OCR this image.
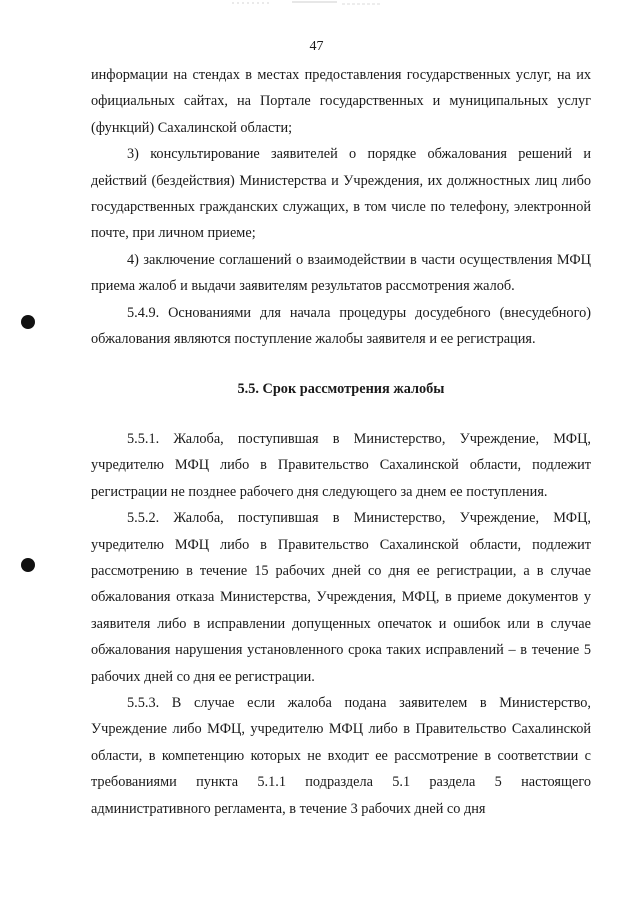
47

информации на стендах в местах предоставления государственных услуг, на их официальных сайтах, на Портале государственных и муниципальных услуг (функций) Сахалинской области;

3) консультирование заявителей о порядке обжалования решений и действий (бездействия) Министерства и Учреждения, их должностных лиц либо государственных гражданских служащих, в том числе по телефону, электронной почте, при личном приеме;

4) заключение соглашений о взаимодействии в части осуществления МФЦ приема жалоб и выдачи заявителям результатов рассмотрения жалоб.

5.4.9. Основаниями для начала процедуры досудебного (внесудебного) обжалования являются поступление жалобы заявителя и ее регистрация.

5.5. Срок рассмотрения жалобы

5.5.1. Жалоба, поступившая в Министерство, Учреждение, МФЦ, учредителю МФЦ либо в Правительство Сахалинской области, подлежит регистрации не позднее рабочего дня следующего за днем ее поступления.

5.5.2. Жалоба, поступившая в Министерство, Учреждение, МФЦ, учредителю МФЦ либо в Правительство Сахалинской области, подлежит рассмотрению в течение 15 рабочих дней со дня ее регистрации, а в случае обжалования отказа Министерства, Учреждения, МФЦ, в приеме документов у заявителя либо в исправлении допущенных опечаток и ошибок или в случае обжалования нарушения установленного срока таких исправлений – в течение 5 рабочих дней со дня ее регистрации.

5.5.3. В случае если жалоба подана заявителем в Министерство, Учреждение либо МФЦ, учредителю МФЦ либо в Правительство Сахалинской области, в компетенцию которых не входит ее рассмотрение в соответствии с требованиями пункта 5.1.1 подраздела 5.1 раздела 5 настоящего административного регламента, в течение 3 рабочих дней со дня
